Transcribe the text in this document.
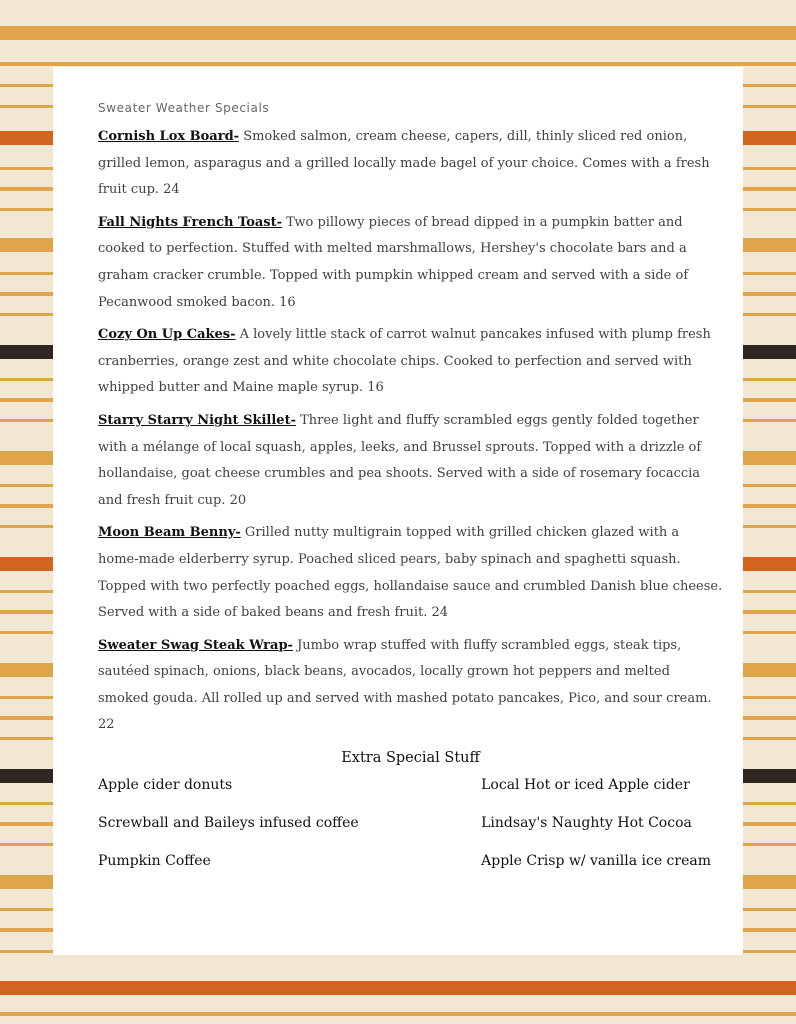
Sweater Weather Specials
Cornish Lox Board- Smoked salmon, cream cheese, capers, dill, thinly sliced red onion, grilled lemon, asparagus and a grilled locally made bagel of your choice. Comes with a fresh fruit cup. 24
Fall Nights French Toast- Two pillowy pieces of bread dipped in a pumpkin batter and cooked to perfection. Stuffed with melted marshmallows, Hershey's chocolate bars and a graham cracker crumble. Topped with pumpkin whipped cream and served with a side of Pecanwood smoked bacon. 16
Cozy On Up Cakes- A lovely little stack of carrot walnut pancakes infused with plump fresh cranberries, orange zest and white chocolate chips. Cooked to perfection and served with whipped butter and Maine maple syrup. 16
Starry Starry Night Skillet- Three light and fluffy scrambled eggs gently folded together with a mélange of local squash, apples, leeks, and Brussel sprouts. Topped with a drizzle of hollandaise, goat cheese crumbles and pea shoots. Served with a side of rosemary focaccia and fresh fruit cup. 20
Moon Beam Benny- Grilled nutty multigrain topped with grilled chicken glazed with a home-made elderberry syrup. Poached sliced pears, baby spinach and spaghetti squash. Topped with two perfectly poached eggs, hollandaise sauce and crumbled Danish blue cheese. Served with a side of baked beans and fresh fruit. 24
Sweater Swag Steak Wrap- Jumbo wrap stuffed with fluffy scrambled eggs, steak tips, sautéed spinach, onions, black beans, avocados, locally grown hot peppers and melted smoked gouda. All rolled up and served with mashed potato pancakes, Pico, and sour cream. 22
Extra Special Stuff
Apple cider donuts
Screwball and Baileys infused coffee
Pumpkin Coffee
Local Hot or iced Apple cider
Lindsay's Naughty Hot Cocoa
Apple Crisp w/ vanilla ice cream
